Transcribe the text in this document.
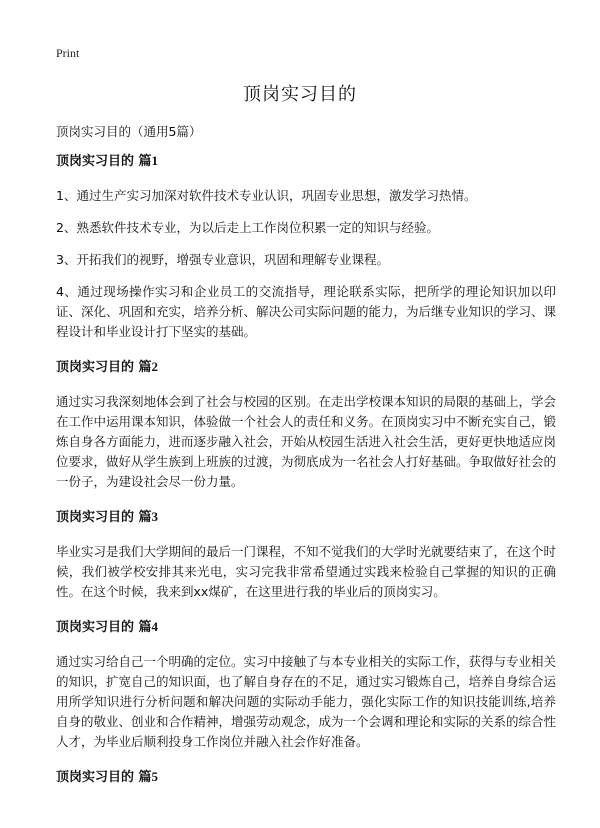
Print
顶岗实习目的

顶岗实习目的（通用5篇）

顶岗实习目的 篇1

1、通过生产实习加深对软件技术专业认识，巩固专业思想，激发学习热情。

2、熟悉软件技术专业，为以后走上工作岗位积累一定的知识与经验。

3、开拓我们的视野，增强专业意识，巩固和理解专业课程。

4、通过现场操作实习和企业员工的交流指导，理论联系实际，把所学的理论知识加以印证、深化、巩固和充实，培养分析、解决公司实际问题的能力，为后继专业知识的学习、课程设计和毕业设计打下坚实的基础。

顶岗实习目的 篇2

通过实习我深刻地体会到了社会与校园的区别。在走出学校课本知识的局限的基础上，学会在工作中运用课本知识，体验做一个社会人的责任和义务。在顶岗实习中不断充实自己，锻炼自身各方面能力，进而逐步融入社会，开始从校园生活进入社会生活，更好更快地适应岗位要求，做好从学生族到上班族的过渡，为彻底成为一名社会人打好基础。争取做好社会的一份子，为建设社会尽一份力量。

顶岗实习目的 篇3

毕业实习是我们大学期间的最后一门课程，不知不觉我们的大学时光就要结束了，在这个时候，我们被学校安排其来光电，实习完我非常希望通过实践来检验自己掌握的知识的正确性。在这个时候，我来到xx煤矿，在这里进行我的毕业后的顶岗实习。

顶岗实习目的 篇4

通过实习给自己一个明确的定位。实习中接触了与本专业相关的实际工作，获得与专业相关的知识，扩宽自己的知识面，也了解自身存在的不足，通过实习锻炼自己，培养自身综合运用所学知识进行分析问题和解决问题的实际动手能力，强化实际工作的知识技能训练,培养自身的敬业、创业和合作精神，增强劳动观念，成为一个会调和理论和实际的关系的综合性人才，为毕业后顺利投身工作岗位并融入社会作好准备。

顶岗实习目的 篇5
